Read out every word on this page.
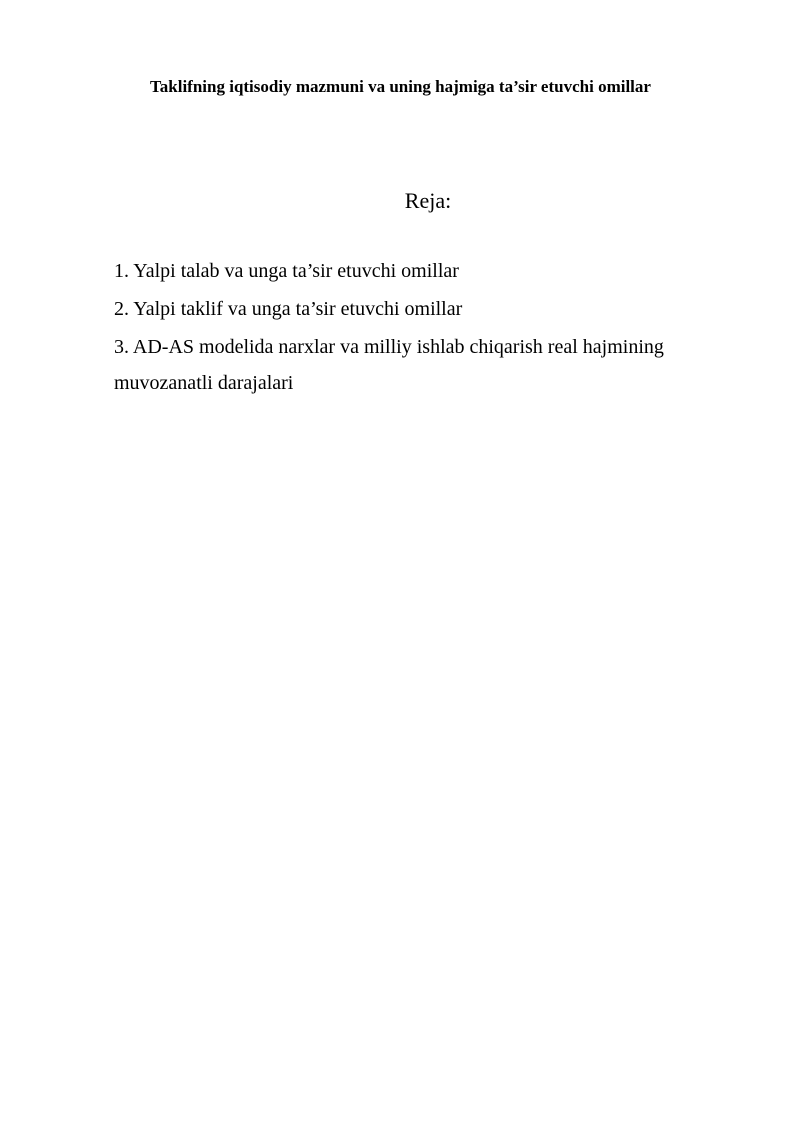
Taklifning iqtisodiy mazmuni va uning hajmiga ta’sir etuvchi omillar
Reja:
1. Yalpi talab va unga ta’sir etuvchi omillar
2. Yalpi taklif va unga ta’sir etuvchi omillar
3. AD-AS modelida narxlar va milliy ishlab chiqarish real hajmining muvozanatli darajalari
